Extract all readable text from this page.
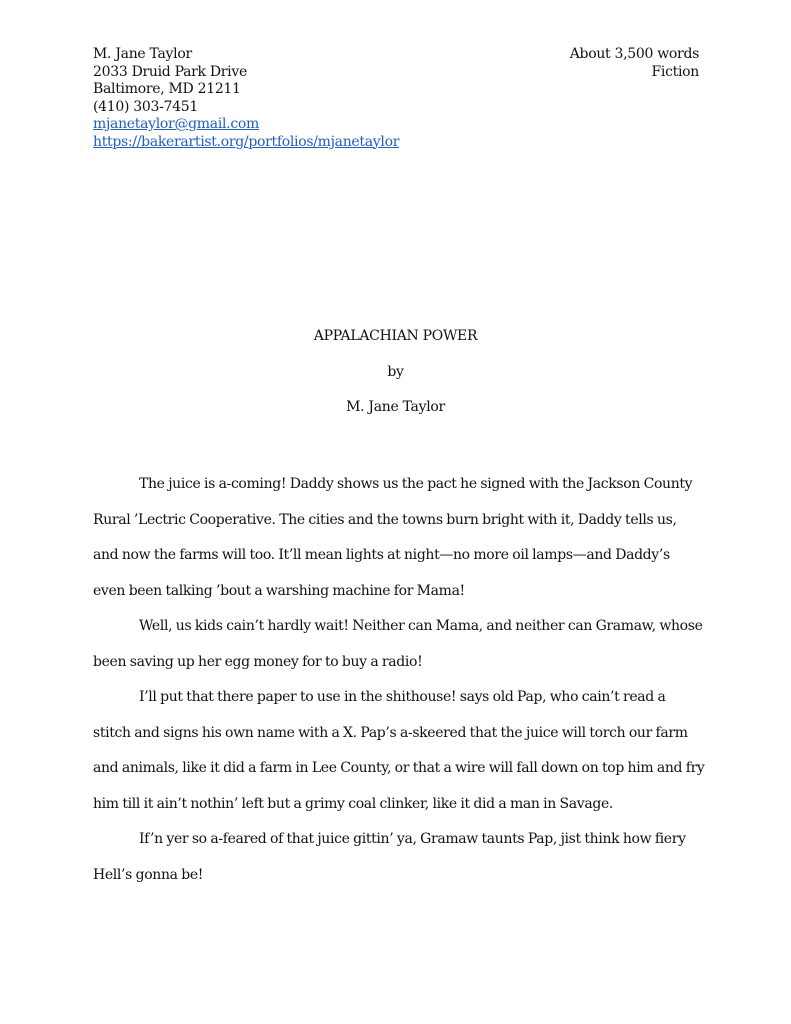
M. Jane Taylor
2033 Druid Park Drive
Baltimore, MD 21211
(410) 303-7451
mjanetaylor@gmail.com
https://bakerartist.org/portfolios/mjanetaylor
About 3,500 words
Fiction
APPALACHIAN POWER
by
M. Jane Taylor

The juice is a-coming! Daddy shows us the pact he signed with the Jackson County Rural ’Lectric Cooperative. The cities and the towns burn bright with it, Daddy tells us, and now the farms will too. It’ll mean lights at night—no more oil lamps—and Daddy’s even been talking ’bout a warshing machine for Mama!

Well, us kids cain’t hardly wait! Neither can Mama, and neither can Gramaw, whose been saving up her egg money for to buy a radio!

I’ll put that there paper to use in the shithouse! says old Pap, who cain’t read a stitch and signs his own name with a X. Pap’s a-skeered that the juice will torch our farm and animals, like it did a farm in Lee County, or that a wire will fall down on top him and fry him till it ain’t nothin’ left but a grimy coal clinker, like it did a man in Savage.

If’n yer so a-feared of that juice gittin’ ya, Gramaw taunts Pap, jist think how fiery Hell’s gonna be!
